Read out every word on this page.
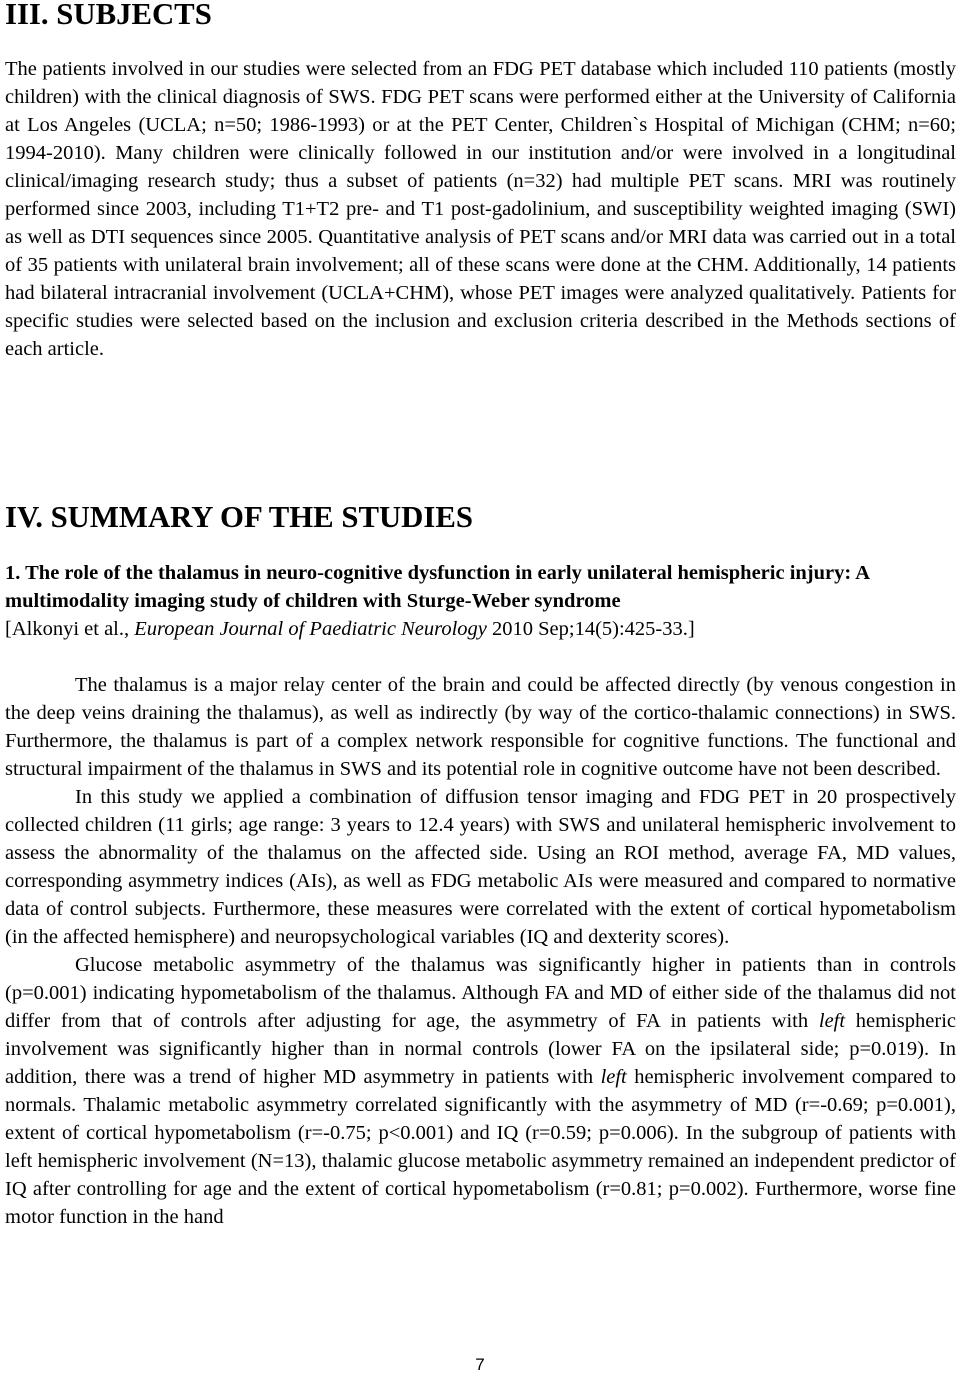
III. SUBJECTS

The patients involved in our studies were selected from an FDG PET database which included 110 patients (mostly children) with the clinical diagnosis of SWS. FDG PET scans were performed either at the University of California at Los Angeles (UCLA; n=50; 1986-1993) or at the PET Center, Children`s Hospital of Michigan (CHM; n=60; 1994-2010). Many children were clinically followed in our institution and/or were involved in a longitudinal clinical/imaging research study; thus a subset of patients (n=32) had multiple PET scans. MRI was routinely performed since 2003, including T1+T2 pre- and T1 post-gadolinium, and susceptibility weighted imaging (SWI) as well as DTI sequences since 2005. Quantitative analysis of PET scans and/or MRI data was carried out in a total of 35 patients with unilateral brain involvement; all of these scans were done at the CHM. Additionally, 14 patients had bilateral intracranial involvement (UCLA+CHM), whose PET images were analyzed qualitatively. Patients for specific studies were selected based on the inclusion and exclusion criteria described in the Methods sections of each article.

IV. SUMMARY OF THE STUDIES

1. The role of the thalamus in neuro-cognitive dysfunction in early unilateral hemispheric injury: A multimodality imaging study of children with Sturge-Weber syndrome

[Alkonyi et al., European Journal of Paediatric Neurology 2010 Sep;14(5):425-33.]

The thalamus is a major relay center of the brain and could be affected directly (by venous congestion in the deep veins draining the thalamus), as well as indirectly (by way of the cortico-thalamic connections) in SWS. Furthermore, the thalamus is part of a complex network responsible for cognitive functions. The functional and structural impairment of the thalamus in SWS and its potential role in cognitive outcome have not been described.

In this study we applied a combination of diffusion tensor imaging and FDG PET in 20 prospectively collected children (11 girls; age range: 3 years to 12.4 years) with SWS and unilateral hemispheric involvement to assess the abnormality of the thalamus on the affected side. Using an ROI method, average FA, MD values, corresponding asymmetry indices (AIs), as well as FDG metabolic AIs were measured and compared to normative data of control subjects. Furthermore, these measures were correlated with the extent of cortical hypometabolism (in the affected hemisphere) and neuropsychological variables (IQ and dexterity scores).

Glucose metabolic asymmetry of the thalamus was significantly higher in patients than in controls (p=0.001) indicating hypometabolism of the thalamus. Although FA and MD of either side of the thalamus did not differ from that of controls after adjusting for age, the asymmetry of FA in patients with left hemispheric involvement was significantly higher than in normal controls (lower FA on the ipsilateral side; p=0.019). In addition, there was a trend of higher MD asymmetry in patients with left hemispheric involvement compared to normals. Thalamic metabolic asymmetry correlated significantly with the asymmetry of MD (r=-0.69; p=0.001), extent of cortical hypometabolism (r=-0.75; p<0.001) and IQ (r=0.59; p=0.006). In the subgroup of patients with left hemispheric involvement (N=13), thalamic glucose metabolic asymmetry remained an independent predictor of IQ after controlling for age and the extent of cortical hypometabolism (r=0.81; p=0.002). Furthermore, worse fine motor function in the hand

7
